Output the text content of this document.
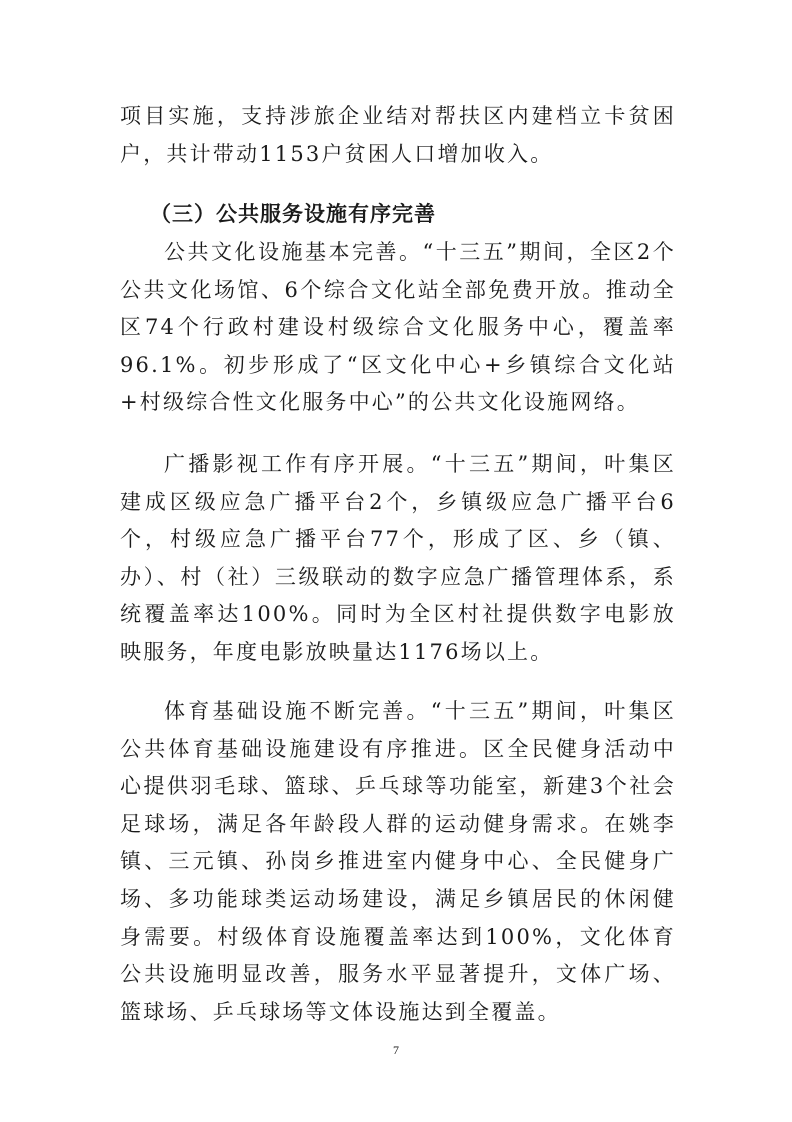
项目实施，支持涉旅企业结对帮扶区内建档立卡贫困户，共计带动1153户贫困人口增加收入。
（三）公共服务设施有序完善
公共文化设施基本完善。“十三五”期间，全区2个公共文化场馆、6个综合文化站全部免费开放。推动全区74个行政村建设村级综合文化服务中心，覆盖率96.1%。初步形成了“区文化中心+乡镇综合文化站+村级综合性文化服务中心”的公共文化设施网络。
广播影视工作有序开展。“十三五”期间，叶集区建成区级应急广播平台2个，乡镇级应急广播平台6个，村级应急广播平台77个，形成了区、乡（镇、办）、村（社）三级联动的数字应急广播管理体系，系统覆盖率达100%。同时为全区村社提供数字电影放映服务，年度电影放映量达1176场以上。
体育基础设施不断完善。“十三五”期间，叶集区公共体育基础设施建设有序推进。区全民健身活动中心提供羽毛球、篮球、乒乓球等功能室，新建3个社会足球场，满足各年龄段人群的运动健身需求。在姚李镇、三元镇、孙岗乡推进室内健身中心、全民健身广场、多功能球类运动场建设，满足乡镇居民的休闲健身需要。村级体育设施覆盖率达到100%，文化体育公共设施明显改善，服务水平显著提升，文体广场、篮球场、乒乓球场等文体设施达到全覆盖。
7
